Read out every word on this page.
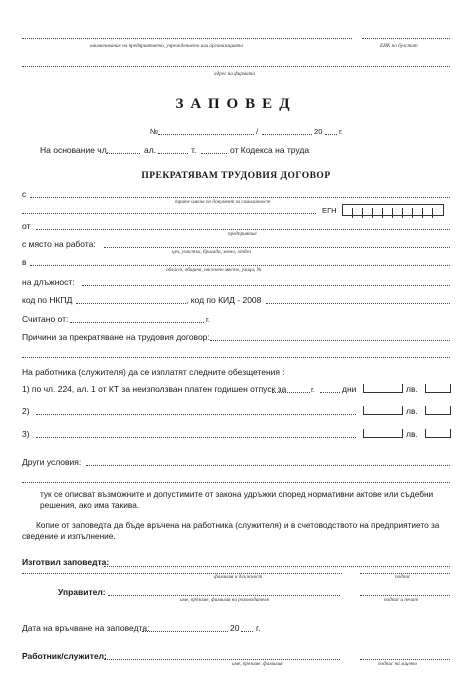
наименование на предприятието, учреждението или организацията	ЕИК по булстат
адрес на фирмата
ЗАПОВЕД
№	/	20 г.
На основание чл.	ал.	т.	от Кодекса на труда
ПРЕКРАТЯВАМ ТРУДОВИЯ ДОГОВОР
с
трите имена по документ за самоличност
ЕГН
от
предприятие
с място на работа:
цех, участък, бригада, звено, отдел
в
област, община, населено място, улица, №
на длъжност:
код по НКПД	, код по КИД - 2008
Считано от:	г.
Причини за прекратяване на трудовия договор:
На работника (служителя) да се изплатят следните обезщетения :
1) по чл. 224, ал. 1 от КТ за неизползван платен годишен отпуск за	г.	дни	лв.
2)	лв.
3)	лв.
Други условия:
тук се описват възможните и допустимите от закона удръжки според нормативни актове или съдебни решения, ако има такива.
Копие от заповедта да бъде връчена на работника (служителя) и в счетоводството на предприятието за сведение и изпълнение.
Изготвил заповедта:
фамилия и длъжност	подпис
Управител:
име, презиме, фамилия на ръководителя	подпис и печат
Дата на връчване на заповедта:	20 г.
Работник/служител:
име, презиме, фамилия	подпис на лицето
